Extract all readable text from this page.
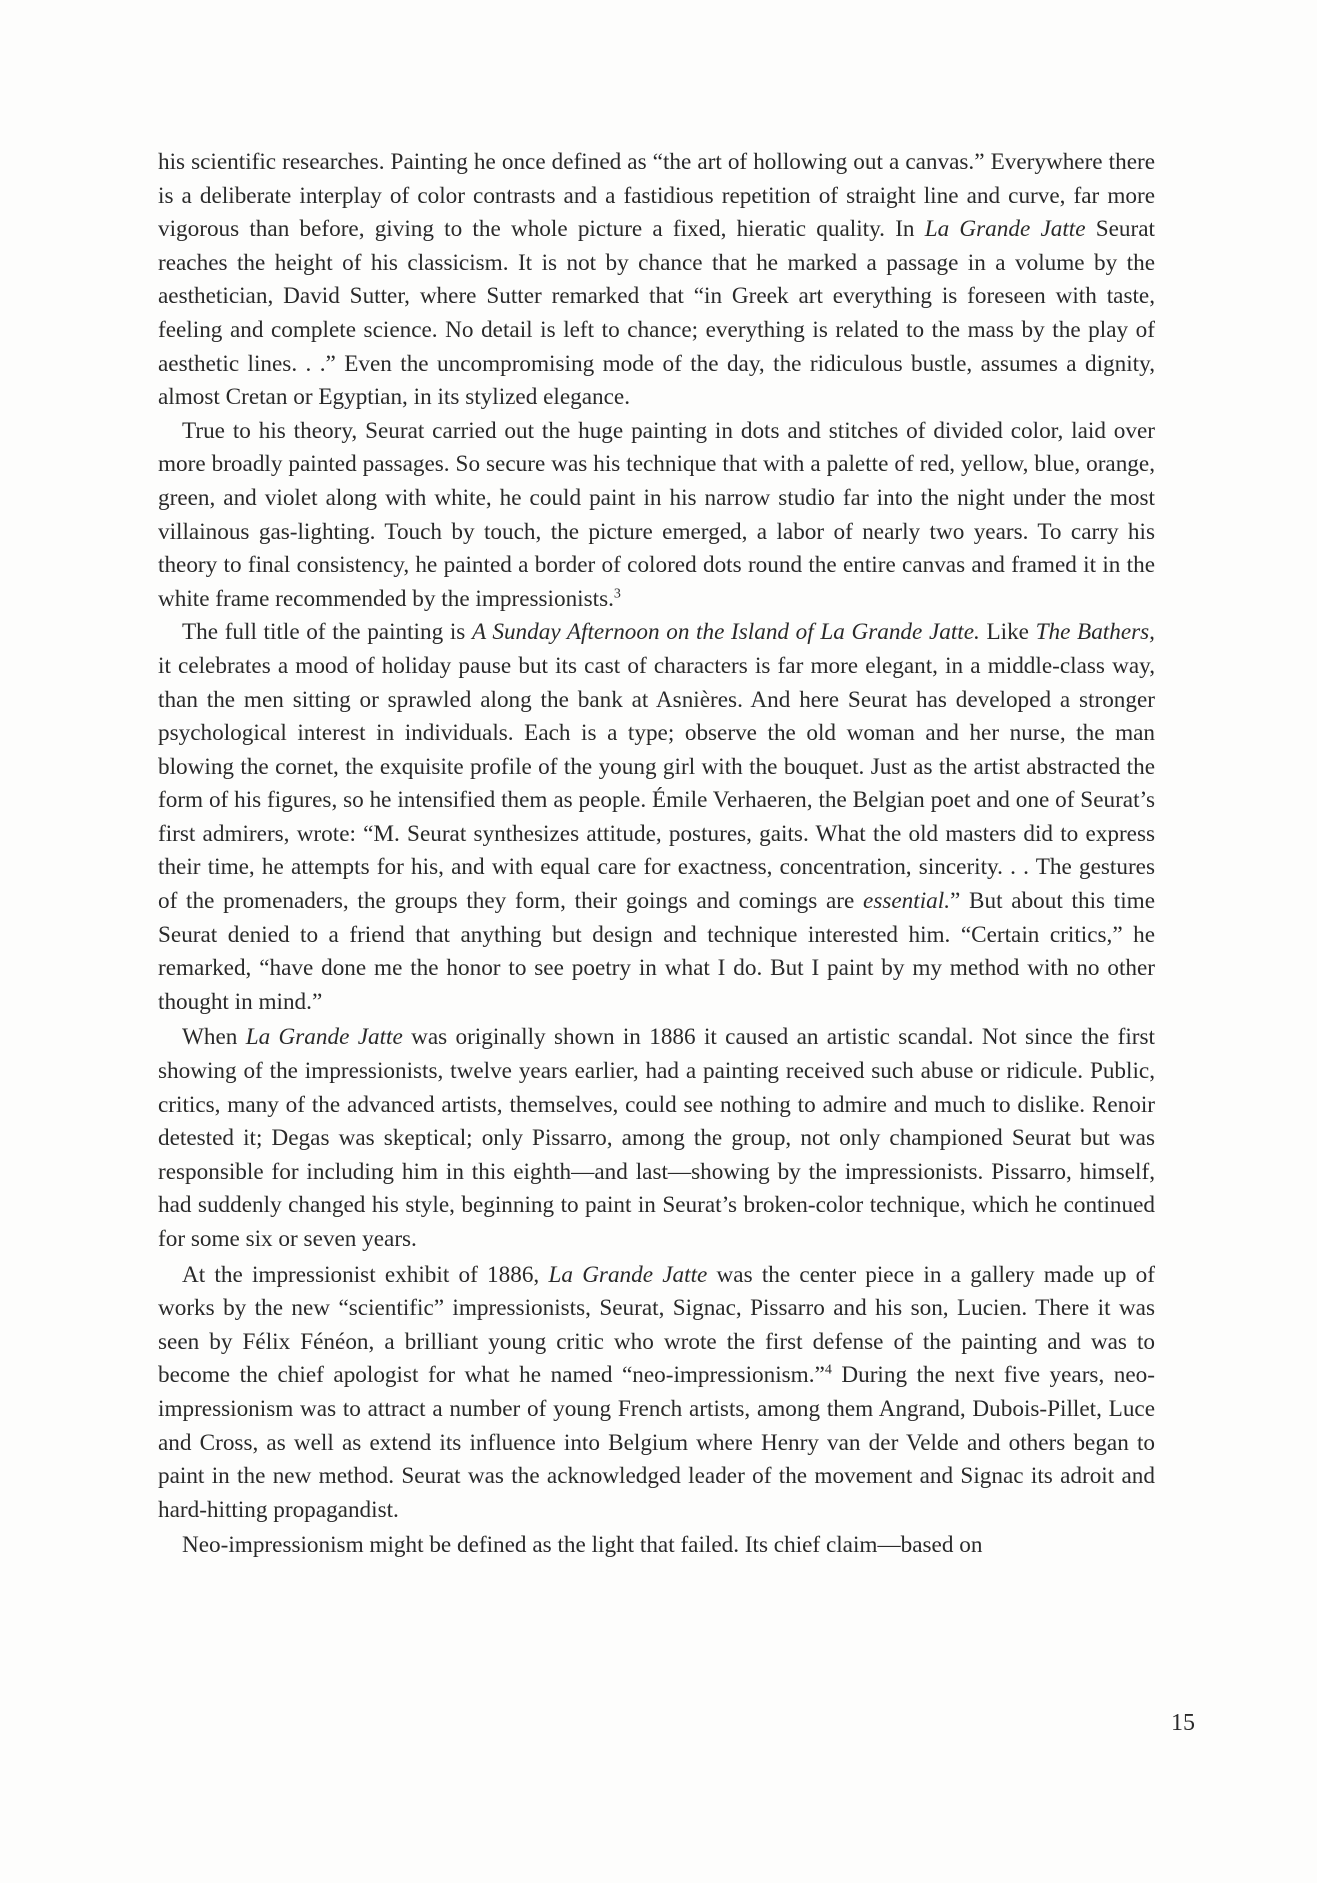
his scientific researches. Painting he once defined as “the art of hollowing out a canvas.” Everywhere there is a deliberate interplay of color contrasts and a fastidious repetition of straight line and curve, far more vigorous than before, giving to the whole picture a fixed, hieratic quality. In La Grande Jatte Seurat reaches the height of his classicism. It is not by chance that he marked a passage in a volume by the aesthetician, David Sutter, where Sutter remarked that “in Greek art everything is foreseen with taste, feeling and complete science. No detail is left to chance; everything is related to the mass by the play of aesthetic lines. . .” Even the uncompromising mode of the day, the ridiculous bustle, assumes a dignity, almost Cretan or Egyptian, in its stylized elegance.

True to his theory, Seurat carried out the huge painting in dots and stitches of divided color, laid over more broadly painted passages. So secure was his technique that with a palette of red, yellow, blue, orange, green, and violet along with white, he could paint in his narrow studio far into the night under the most villainous gas-lighting. Touch by touch, the picture emerged, a labor of nearly two years. To carry his theory to final consistency, he painted a border of colored dots round the entire canvas and framed it in the white frame recommended by the impressionists.$^3$

The full title of the painting is A Sunday Afternoon on the Island of La Grande Jatte. Like The Bathers, it celebrates a mood of holiday pause but its cast of characters is far more elegant, in a middle-class way, than the men sitting or sprawled along the bank at Asnières. And here Seurat has developed a stronger psychological interest in individuals. Each is a type; observe the old woman and her nurse, the man blowing the cornet, the exquisite profile of the young girl with the bouquet. Just as the artist abstracted the form of his figures, so he intensified them as people. Émile Verhaeren, the Belgian poet and one of Seurat’s first admirers, wrote: “M. Seurat synthesizes attitude, postures, gaits. What the old masters did to express their time, he attempts for his, and with equal care for exactness, concentration, sincerity. . . The gestures of the promenaders, the groups they form, their goings and comings are essential.” But about this time Seurat denied to a friend that anything but design and technique interested him. “Certain critics,” he remarked, “have done me the honor to see poetry in what I do. But I paint by my method with no other thought in mind.”

When La Grande Jatte was originally shown in 1886 it caused an artistic scandal. Not since the first showing of the impressionists, twelve years earlier, had a painting received such abuse or ridicule. Public, critics, many of the advanced artists, themselves, could see nothing to admire and much to dislike. Renoir detested it; Degas was skeptical; only Pissarro, among the group, not only championed Seurat but was responsible for including him in this eighth—and last—showing by the impressionists. Pissarro, himself, had suddenly changed his style, beginning to paint in Seurat’s broken-color technique, which he continued for some six or seven years.

At the impressionist exhibit of 1886, La Grande Jatte was the center piece in a gallery made up of works by the new “scientific” impressionists, Seurat, Signac, Pissarro and his son, Lucien. There it was seen by Félix Fénéon, a brilliant young critic who wrote the first defense of the painting and was to become the chief apologist for what he named “neo-impressionism.”$^4$ During the next five years, neo-impressionism was to attract a number of young French artists, among them Angrand, Dubois-Pillet, Luce and Cross, as well as extend its influence into Belgium where Henry van der Velde and others began to paint in the new method. Seurat was the acknowledged leader of the movement and Signac its adroit and hard-hitting propagandist.

Neo-impressionism might be defined as the light that failed. Its chief claim—based on

15
